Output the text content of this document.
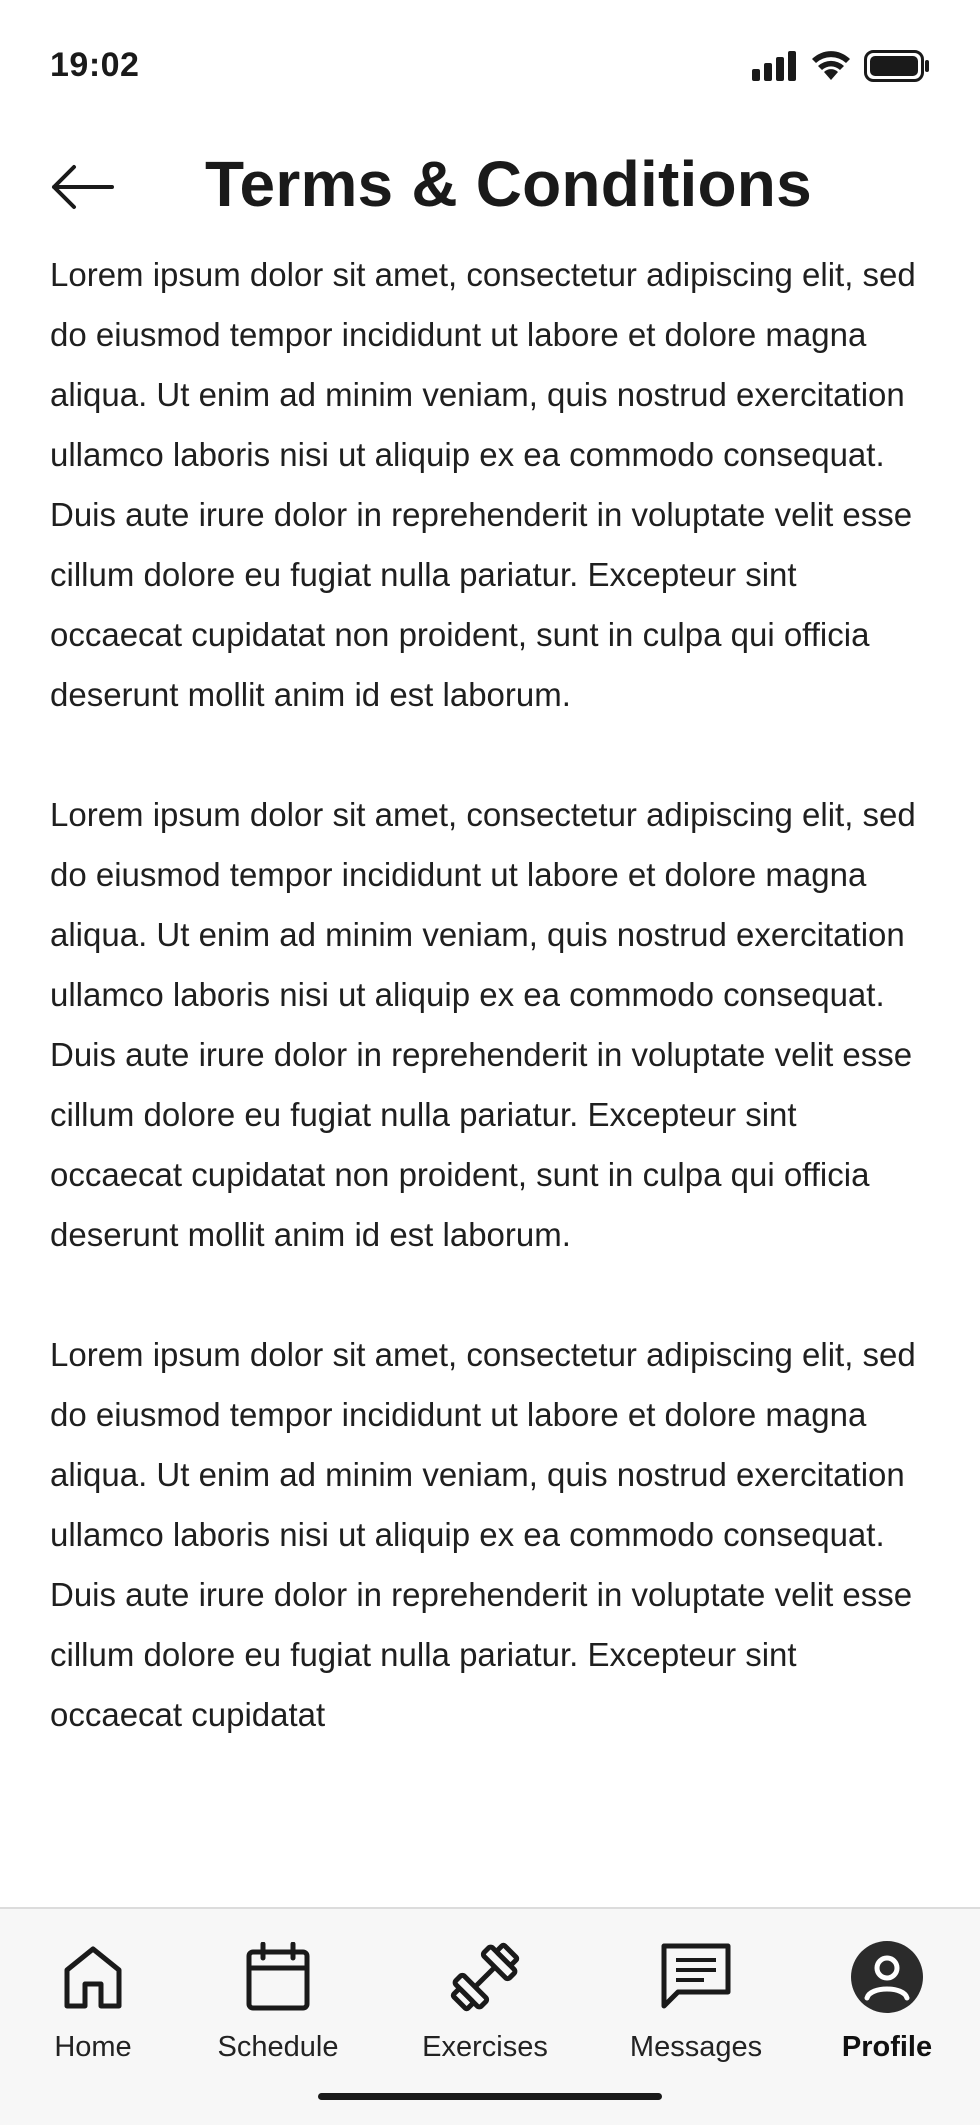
19:02
Terms & Conditions

Lorem ipsum dolor sit amet, consectetur adipiscing elit, sed do eiusmod tempor incididunt ut labore et dolore magna aliqua. Ut enim ad minim veniam, quis nostrud exercitation ullamco laboris nisi ut aliquip ex ea commodo consequat. Duis aute irure dolor in reprehenderit in voluptate velit esse cillum dolore eu fugiat nulla pariatur. Excepteur sint occaecat cupidatat non proident, sunt in culpa qui officia deserunt mollit anim id est laborum.

Lorem ipsum dolor sit amet, consectetur adipiscing elit, sed do eiusmod tempor incididunt ut labore et dolore magna aliqua. Ut enim ad minim veniam, quis nostrud exercitation ullamco laboris nisi ut aliquip ex ea commodo consequat. Duis aute irure dolor in reprehenderit in voluptate velit esse cillum dolore eu fugiat nulla pariatur. Excepteur sint occaecat cupidatat non proident, sunt in culpa qui officia deserunt mollit anim id est laborum.

Lorem ipsum dolor sit amet, consectetur adipiscing elit, sed do eiusmod tempor incididunt ut labore et dolore magna aliqua. Ut enim ad minim veniam, quis nostrud exercitation ullamco laboris nisi ut aliquip ex ea commodo consequat. Duis aute irure dolor in reprehenderit in voluptate velit esse cillum dolore eu fugiat nulla pariatur. Excepteur sint occaecat cupidatat

Home	Schedule	Exercises	Messages	Profile
